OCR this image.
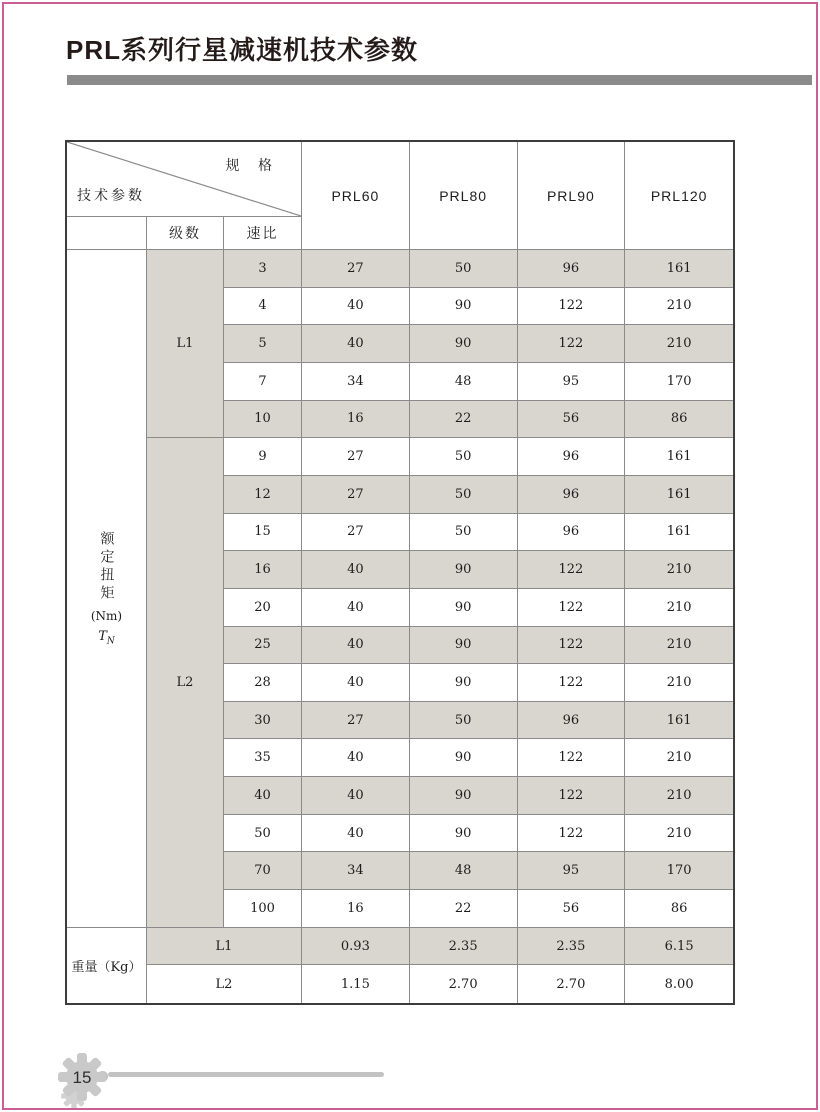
PRL系列行星减速机技术参数
规 格
技术参数	PRL60	PRL80	PRL90	PRL120
级数	速比
额定扭矩
(Nm)
$T_N$
L1
L2
重量（Kg）
3	27	50	96	161
4	40	90	122	210
5	40	90	122	210
7	34	48	95	170
10	16	22	56	86
9	27	50	96	161
12	27	50	96	161
15	27	50	96	161
16	40	90	122	210
20	40	90	122	210
25	40	90	122	210
28	40	90	122	210
30	27	50	96	161
35	40	90	122	210
40	40	90	122	210
50	40	90	122	210
70	34	48	95	170
100	16	22	56	86
L1	0.93	2.35	2.35	6.15
L2	1.15	2.70	2.70	8.00
15
